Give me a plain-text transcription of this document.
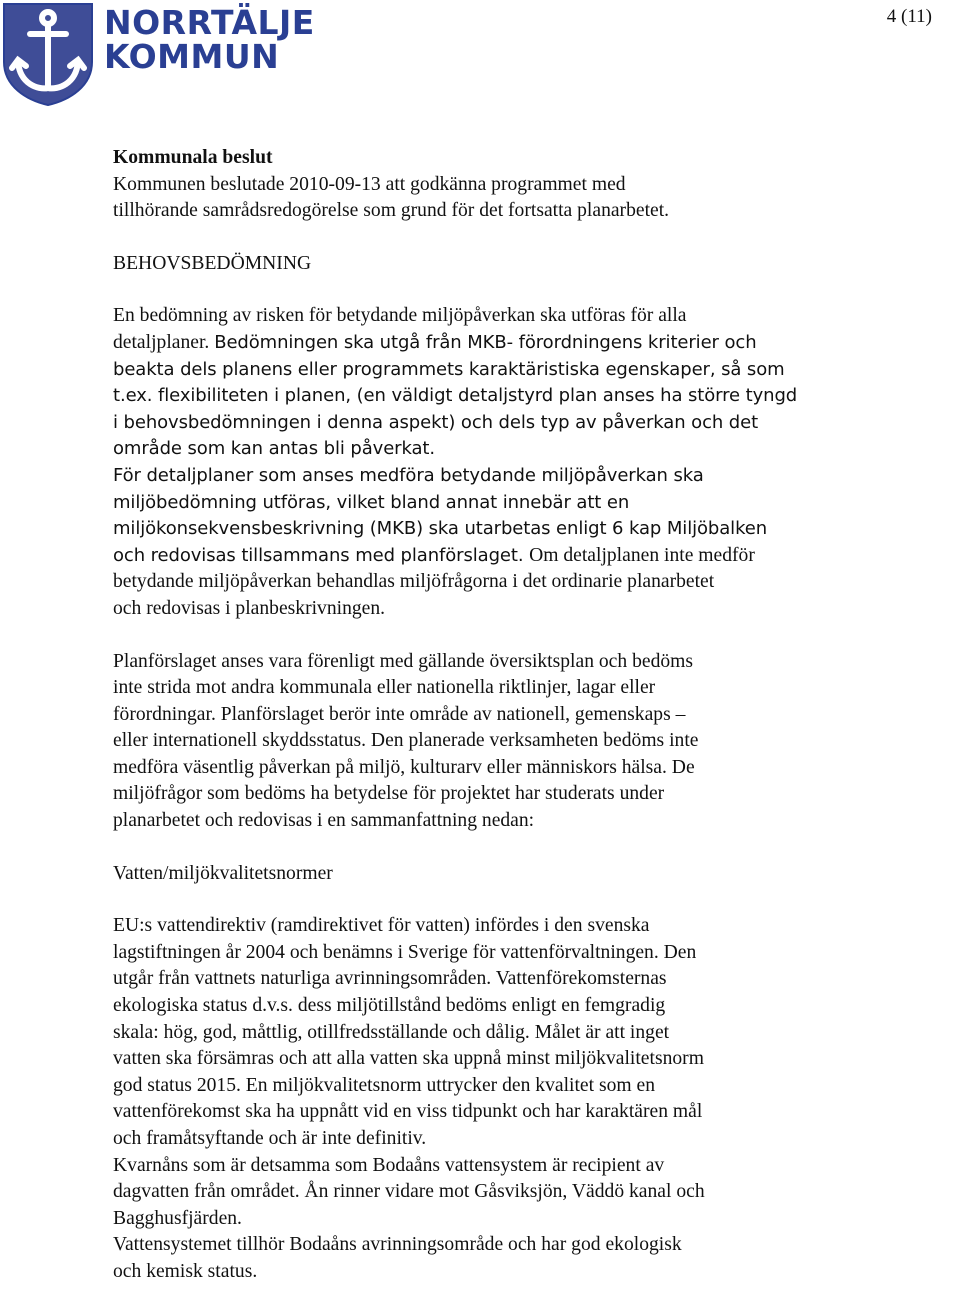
NORRTÄLJE
KOMMUN
4 (11)
Kommunala beslut
Kommunen beslutade 2010-09-13 att godkänna programmet med
tillhörande samrådsredogörelse som grund för det fortsatta planarbetet.
BEHOVSBEDÖMNING
En bedömning av risken för betydande miljöpåverkan ska utföras för alla
detaljplaner. Bedömningen ska utgå från MKB- förordningens kriterier och
beakta dels planens eller programmets karaktäristiska egenskaper, så som
t.ex. flexibiliteten i planen, (en väldigt detaljstyrd plan anses ha större tyngd
i behovsbedömningen i denna aspekt) och dels typ av påverkan och det
område som kan antas bli påverkat.
För detaljplaner som anses medföra betydande miljöpåverkan ska
miljöbedömning utföras, vilket bland annat innebär att en
miljökonsekvensbeskrivning (MKB) ska utarbetas enligt 6 kap Miljöbalken
och redovisas tillsammans med planförslaget. Om detaljplanen inte medför
betydande miljöpåverkan behandlas miljöfrågorna i det ordinarie planarbetet
och redovisas i planbeskrivningen.
Planförslaget anses vara förenligt med gällande översiktsplan och bedöms
inte strida mot andra kommunala eller nationella riktlinjer, lagar eller
förordningar. Planförslaget berör inte område av nationell, gemenskaps –
eller internationell skyddsstatus. Den planerade verksamheten bedöms inte
medföra väsentlig påverkan på miljö, kulturarv eller människors hälsa. De
miljöfrågor som bedöms ha betydelse för projektet har studerats under
planarbetet och redovisas i en sammanfattning nedan:
Vatten/miljökvalitetsnormer
EU:s vattendirektiv (ramdirektivet för vatten) infördes i den svenska
lagstiftningen år 2004 och benämns i Sverige för vattenförvaltningen. Den
utgår från vattnets naturliga avrinningsområden. Vattenförekomsternas
ekologiska status d.v.s. dess miljötillstånd bedöms enligt en femgradig
skala: hög, god, måttlig, otillfredsställande och dålig. Målet är att inget
vatten ska försämras och att alla vatten ska uppnå minst miljökvalitetsnorm
god status 2015. En miljökvalitetsnorm uttrycker den kvalitet som en
vattenförekomst ska ha uppnått vid en viss tidpunkt och har karaktären mål
och framåtsyftande och är inte definitiv.
Kvarnåns som är detsamma som Bodaåns vattensystem är recipient av
dagvatten från området. Ån rinner vidare mot Gåsviksjön, Väddö kanal och
Bagghusfjärden.
Vattensystemet tillhör Bodaåns avrinningsområde och har god ekologisk
och kemisk status.
